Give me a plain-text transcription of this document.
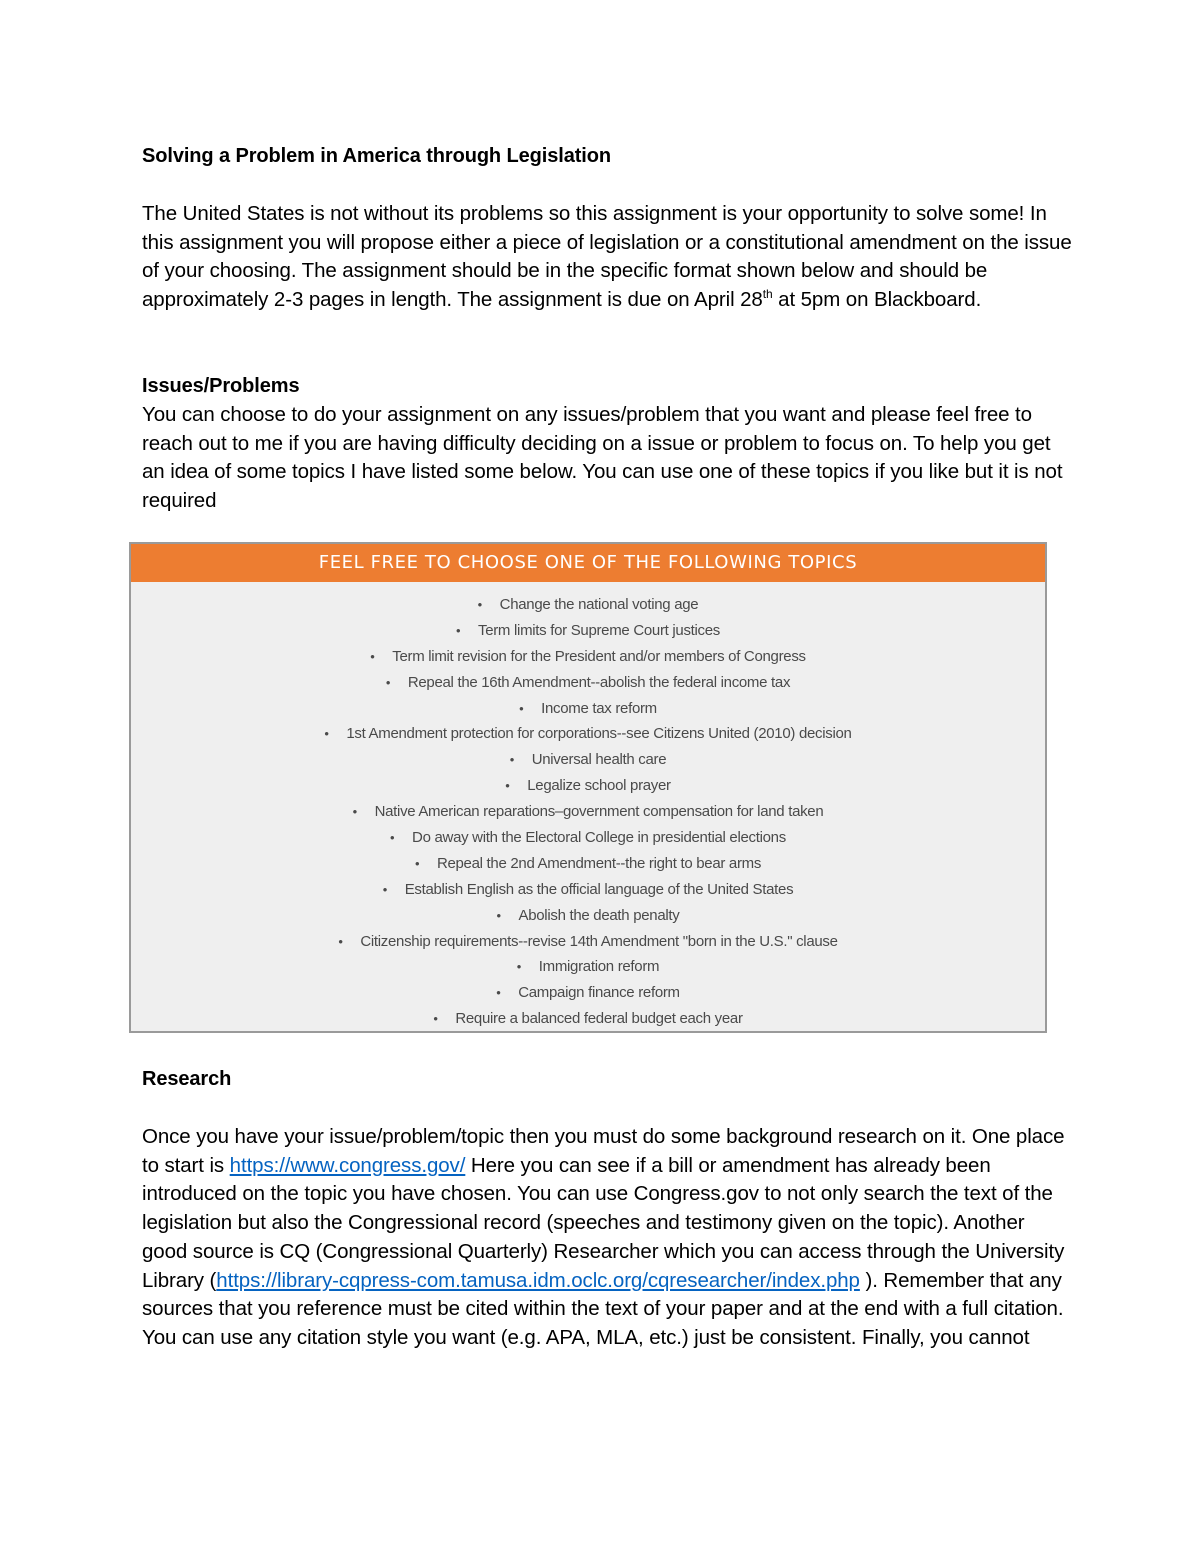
Solving a Problem in America through Legislation
The United States is not without its problems so this assignment is your opportunity to solve some! In this assignment you will propose either a piece of legislation or a constitutional amendment on the issue of your choosing. The assignment should be in the specific format shown below and should be approximately 2-3 pages in length. The assignment is due on April 28th at 5pm on Blackboard.
Issues/Problems
You can choose to do your assignment on any issues/problem that you want and please feel free to reach out to me if you are having difficulty deciding on a issue or problem to focus on. To help you get an idea of some topics I have listed some below. You can use one of these topics if you like but it is not required
FEEL FREE TO CHOOSE ONE OF THE FOLLOWING TOPICS
• Change the national voting age
• Term limits for Supreme Court justices
• Term limit revision for the President and/or members of Congress
• Repeal the 16th Amendment--abolish the federal income tax
• Income tax reform
• 1st Amendment protection for corporations--see Citizens United (2010) decision
• Universal health care
• Legalize school prayer
• Native American reparations–government compensation for land taken
• Do away with the Electoral College in presidential elections
• Repeal the 2nd Amendment--the right to bear arms
• Establish English as the official language of the United States
• Abolish the death penalty
• Citizenship requirements--revise 14th Amendment "born in the U.S." clause
• Immigration reform
• Campaign finance reform
• Require a balanced federal budget each year
Research
Once you have your issue/problem/topic then you must do some background research on it. One place to start is https://www.congress.gov/ Here you can see if a bill or amendment has already been introduced on the topic you have chosen. You can use Congress.gov to not only search the text of the legislation but also the Congressional record (speeches and testimony given on the topic). Another good source is CQ (Congressional Quarterly) Researcher which you can access through the University Library (https://library-cqpress-com.tamusa.idm.oclc.org/cqresearcher/index.php ). Remember that any sources that you reference must be cited within the text of your paper and at the end with a full citation. You can use any citation style you want (e.g. APA, MLA, etc.) just be consistent. Finally, you cannot
